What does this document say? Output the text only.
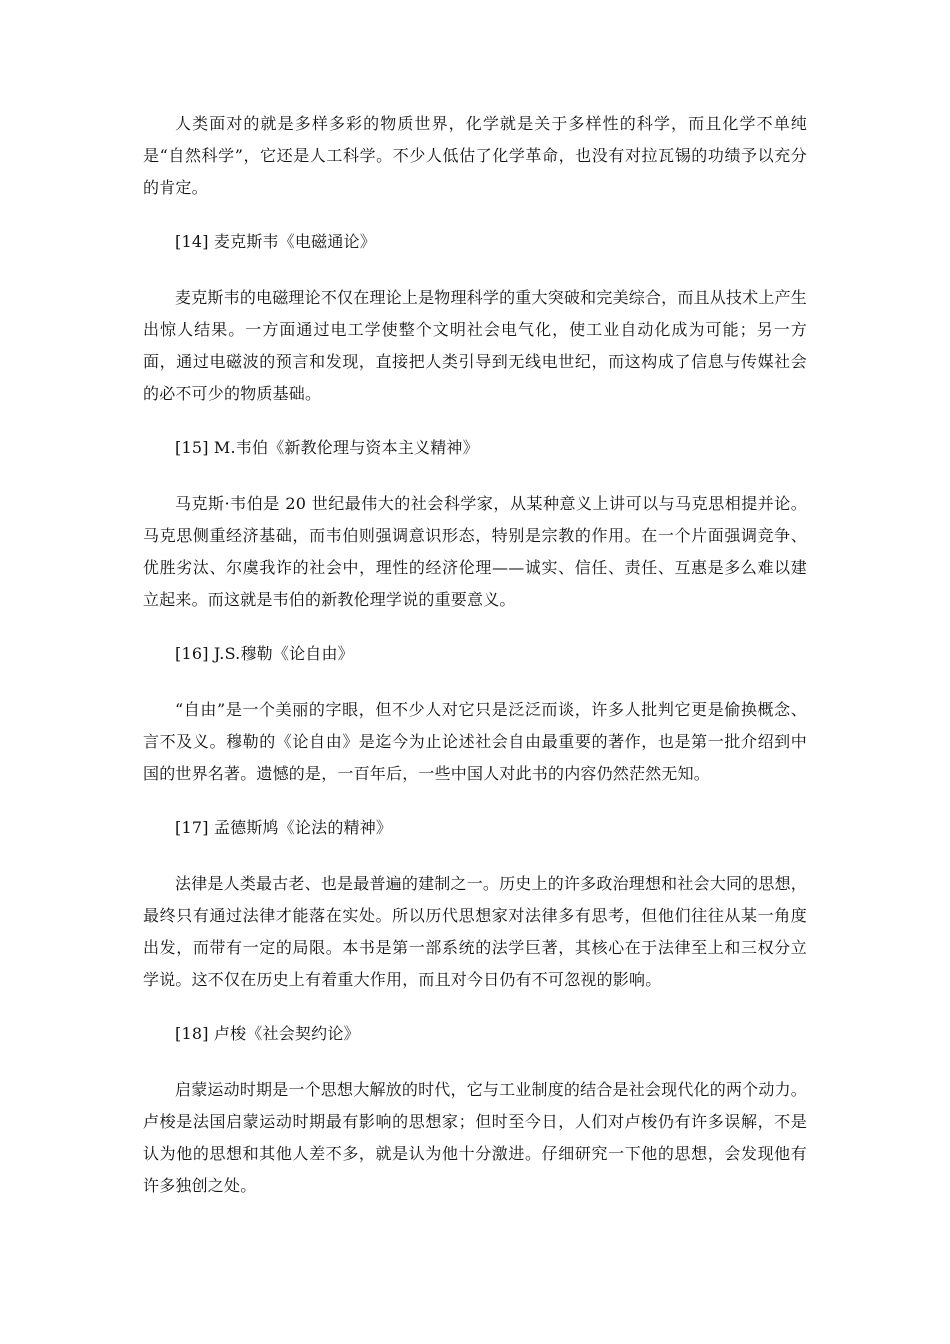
人类面对的就是多样多彩的物质世界，化学就是关于多样性的科学，而且化学不单纯是“自然科学”，它还是人工科学。不少人低估了化学革命，也没有对拉瓦锡的功绩予以充分的肯定。

[14] 麦克斯韦《电磁通论》

麦克斯韦的电磁理论不仅在理论上是物理科学的重大突破和完美综合，而且从技术上产生出惊人结果。一方面通过电工学使整个文明社会电气化，使工业自动化成为可能；另一方面，通过电磁波的预言和发现，直接把人类引导到无线电世纪，而这构成了信息与传媒社会的必不可少的物质基础。

[15] M.韦伯《新教伦理与资本主义精神》

马克斯·韦伯是 20 世纪最伟大的社会科学家，从某种意义上讲可以与马克思相提并论。马克思侧重经济基础，而韦伯则强调意识形态，特别是宗教的作用。在一个片面强调竞争、优胜劣汰、尔虞我诈的社会中，理性的经济伦理——诚实、信任、责任、互惠是多么难以建立起来。而这就是韦伯的新教伦理学说的重要意义。

[16] J.S.穆勒《论自由》

“自由”是一个美丽的字眼，但不少人对它只是泛泛而谈，许多人批判它更是偷换概念、言不及义。穆勒的《论自由》是迄今为止论述社会自由最重要的著作，也是第一批介绍到中国的世界名著。遗憾的是，一百年后，一些中国人对此书的内容仍然茫然无知。

[17] 孟德斯鸠《论法的精神》

法律是人类最古老、也是最普遍的建制之一。历史上的许多政治理想和社会大同的思想，最终只有通过法律才能落在实处。所以历代思想家对法律多有思考，但他们往往从某一角度出发，而带有一定的局限。本书是第一部系统的法学巨著，其核心在于法律至上和三权分立学说。这不仅在历史上有着重大作用，而且对今日仍有不可忽视的影响。

[18] 卢梭《社会契约论》

启蒙运动时期是一个思想大解放的时代，它与工业制度的结合是社会现代化的两个动力。卢梭是法国启蒙运动时期最有影响的思想家；但时至今日，人们对卢梭仍有许多误解，不是认为他的思想和其他人差不多，就是认为他十分激进。仔细研究一下他的思想，会发现他有许多独创之处。
